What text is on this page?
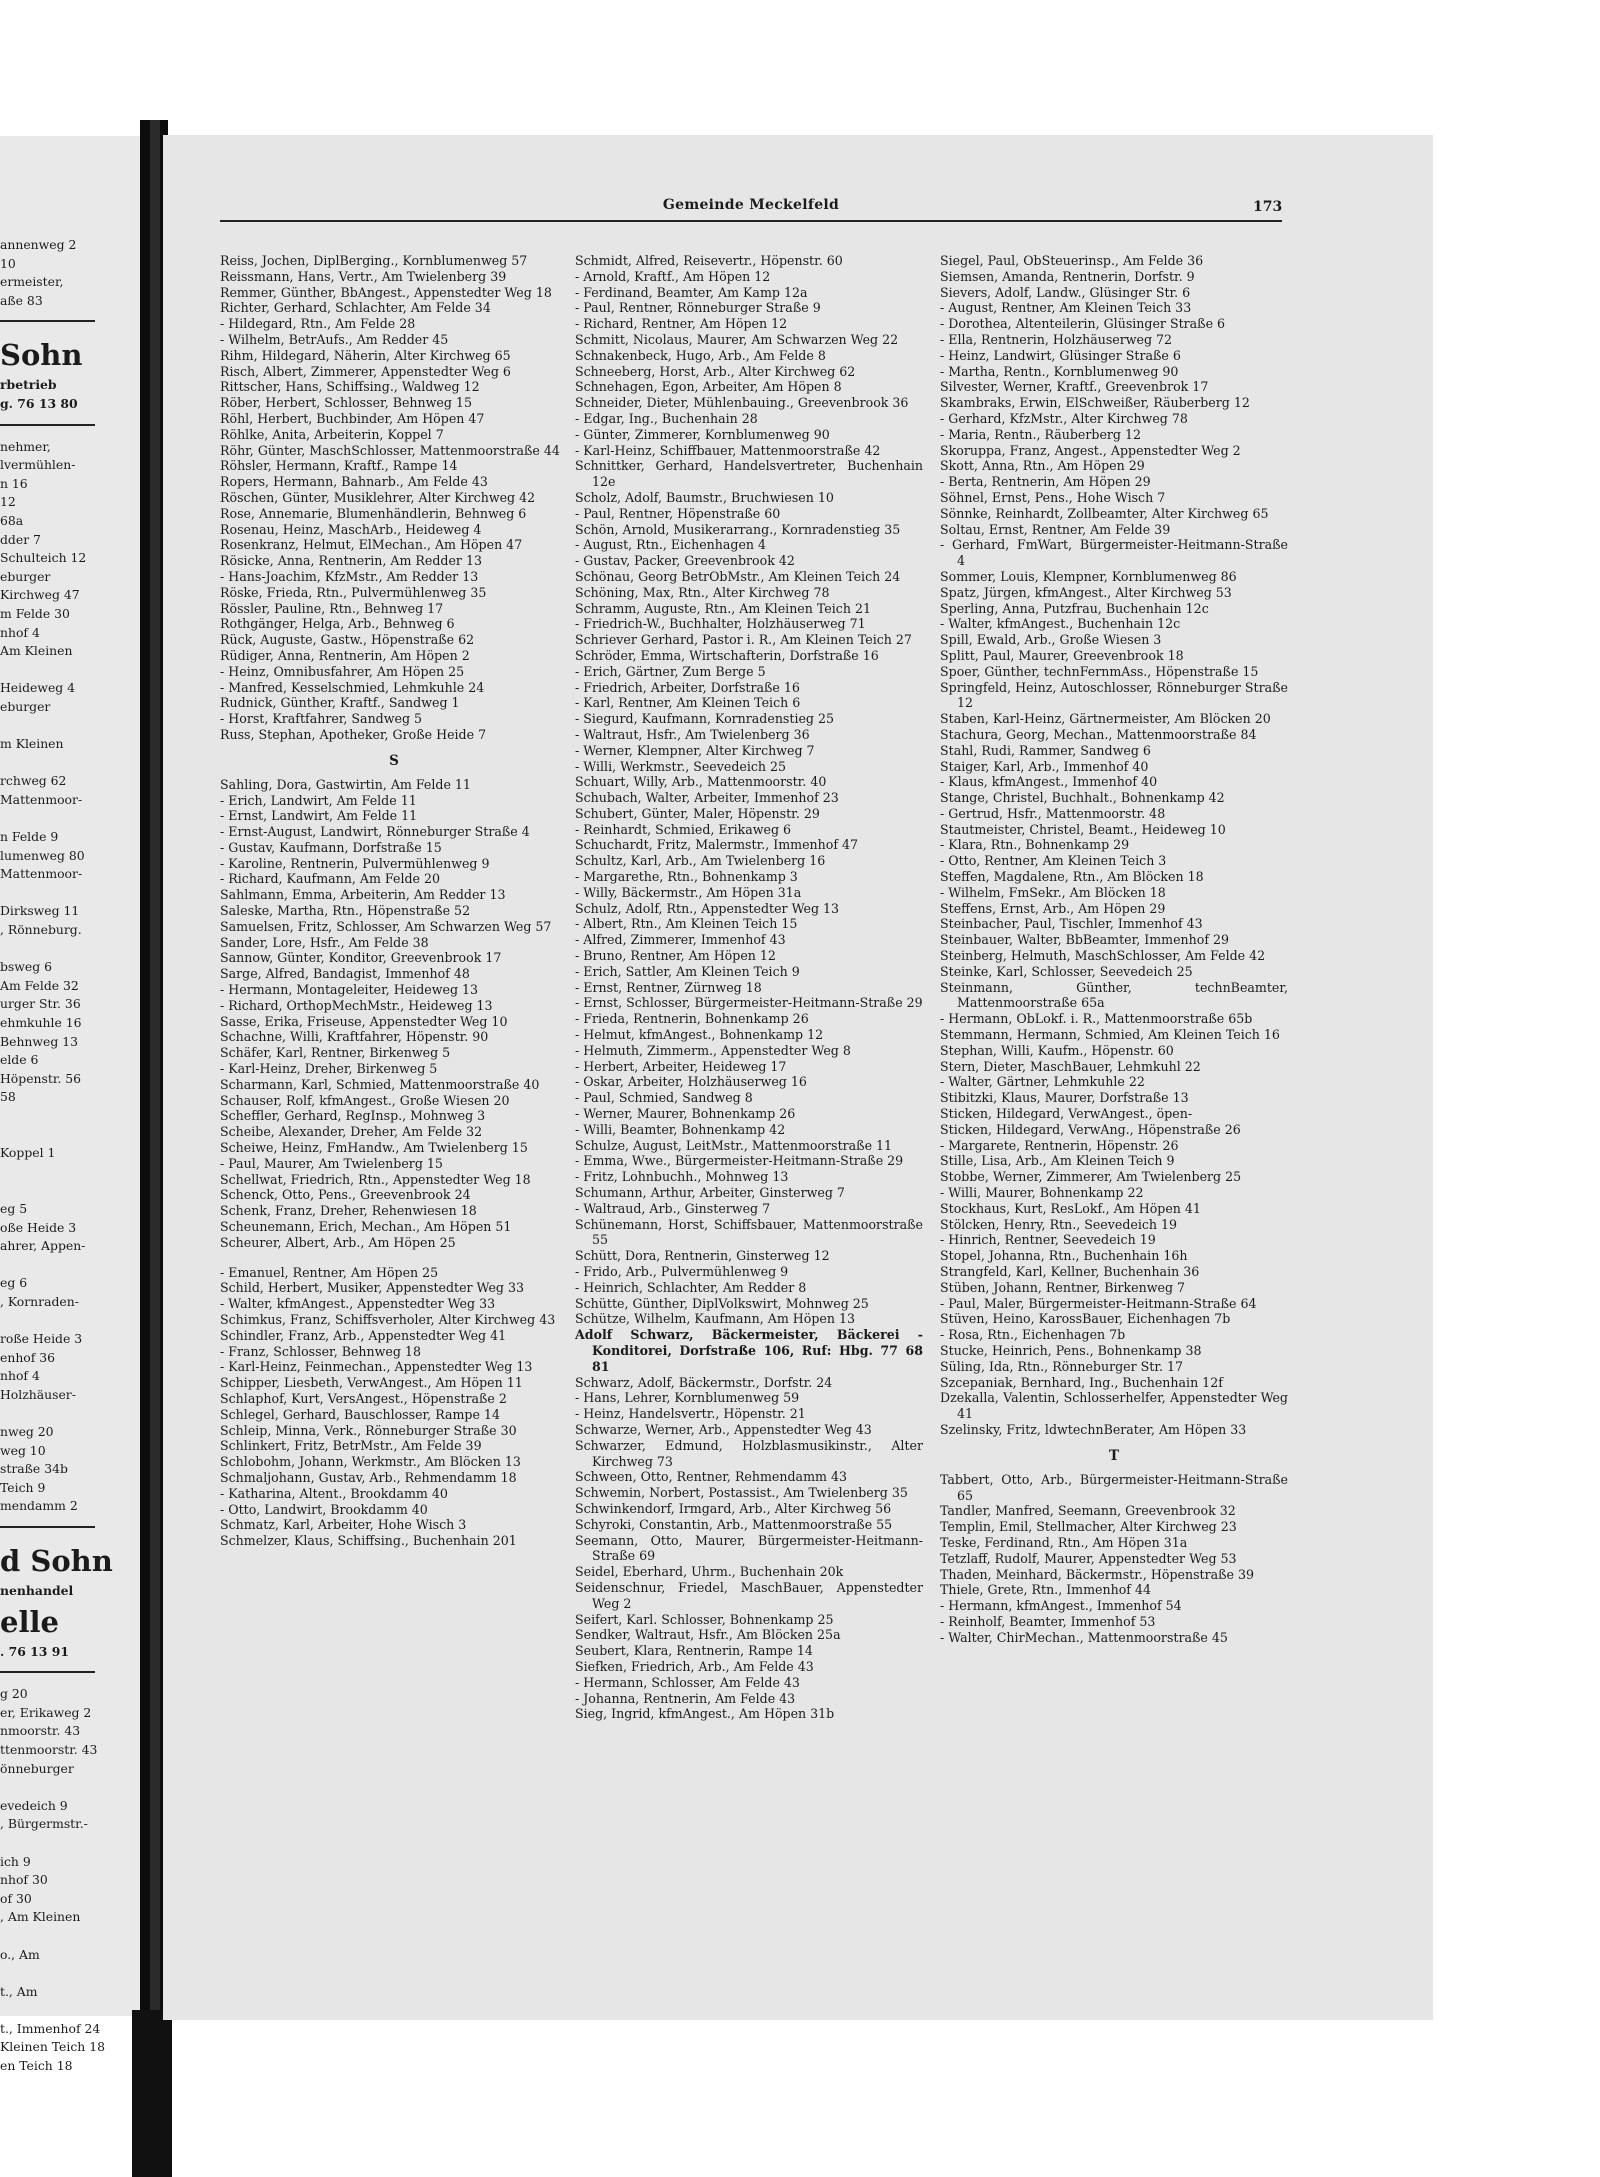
annenweg 2
10
ermeister,
aße 83
Sohn
rbetrieb
g. 76 13 80
nehmer,
lvermühlen-
n 16
12
68a
dder 7
Schulteich 12
eburger
Kirchweg 47
m Felde 30
nhof 4
Am Kleinen

Heideweg 4
eburger

m Kleinen

rchweg 62
Mattenmoor-

n Felde 9
lumenweg 80
Mattenmoor-

Dirksweg 11
, Rönneburg.

bsweg 6
Am Felde 32
urger Str. 36
ehmkuhle 16
Behnweg 13
elde 6
Höpenstr. 56
58

Koppel 1

eg 5
oße Heide 3
ahrer, Appen-

eg 6
, Kornraden-

roße Heide 3
enhof 36
nhof 4
Holzhäuser-

nweg 20
weg 10
straße 34b
Teich 9
mendamm 2
d Sohn
nenhandel
elle
. 76 13 91
g 20
er, Erikaweg 2
nmoorstr. 43
ttenmoorstr. 43
önneburger

evedeich 9
, Bürgermstr.-

ich 9
nhof 30
of 30
, Am Kleinen

o., Am

t., Am

t., Immenhof 24
Kleinen Teich 18
en Teich 18
Gemeinde Meckelfeld	173
Reiss, Jochen, DiplBerging., Kornblumenweg 57
Reissmann, Hans, Vertr., Am Twielenberg 39
Remmer, Günther, BbAngest., Appenstedter Weg 18
Richter, Gerhard, Schlachter, Am Felde 34
- Hildegard, Rtn., Am Felde 28
- Wilhelm, BetrAufs., Am Redder 45
Rihm, Hildegard, Näherin, Alter Kirchweg 65
Risch, Albert, Zimmerer, Appenstedter Weg 6
Rittscher, Hans, Schiffsing., Waldweg 12
Röber, Herbert, Schlosser, Behnweg 15
Röhl, Herbert, Buchbinder, Am Höpen 47
Röhlke, Anita, Arbeiterin, Koppel 7
Röhr, Günter, MaschSchlosser, Mattenmoorstraße 44
Röhsler, Hermann, Kraftf., Rampe 14
Ropers, Hermann, Bahnarb., Am Felde 43
Röschen, Günter, Musiklehrer, Alter Kirchweg 42
Rose, Annemarie, Blumenhändlerin, Behnweg 6
Rosenau, Heinz, MaschArb., Heideweg 4
Rosenkranz, Helmut, ElMechan., Am Höpen 47
Rösicke, Anna, Rentnerin, Am Redder 13
- Hans-Joachim, KfzMstr., Am Redder 13
Röske, Frieda, Rtn., Pulvermühlenweg 35
Rössler, Pauline, Rtn., Behnweg 17
Rothgänger, Helga, Arb., Behnweg 6
Rück, Auguste, Gastw., Höpenstraße 62
Rüdiger, Anna, Rentnerin, Am Höpen 2
- Heinz, Omnibusfahrer, Am Höpen 25
- Manfred, Kesselschmied, Lehmkuhle 24
Rudnick, Günther, Kraftf., Sandweg 1
- Horst, Kraftfahrer, Sandweg 5
Russ, Stephan, Apotheker, Große Heide 7
S
Sahling, Dora, Gastwirtin, Am Felde 11
- Erich, Landwirt, Am Felde 11
- Ernst, Landwirt, Am Felde 11
- Ernst-August, Landwirt, Rönneburger Straße 4
- Gustav, Kaufmann, Dorfstraße 15
- Karoline, Rentnerin, Pulvermühlenweg 9
- Richard, Kaufmann, Am Felde 20
Sahlmann, Emma, Arbeiterin, Am Redder 13
Saleske, Martha, Rtn., Höpenstraße 52
Samuelsen, Fritz, Schlosser, Am Schwarzen Weg 57
Sander, Lore, Hsfr., Am Felde 38
Sannow, Günter, Konditor, Greevenbrook 17
Sarge, Alfred, Bandagist, Immenhof 48
- Hermann, Montageleiter, Heideweg 13
- Richard, OrthopMechMstr., Heideweg 13
Sasse, Erika, Friseuse, Appenstedter Weg 10
Schachne, Willi, Kraftfahrer, Höpenstr. 90
Schäfer, Karl, Rentner, Birkenweg 5
- Karl-Heinz, Dreher, Birkenweg 5
Scharmann, Karl, Schmied, Mattenmoorstraße 40
Schauser, Rolf, kfmAngest., Große Wiesen 20
Scheffler, Gerhard, RegInsp., Mohnweg 3
Scheibe, Alexander, Dreher, Am Felde 32
Scheiwe, Heinz, FmHandw., Am Twielenberg 15
- Paul, Maurer, Am Twielenberg 15
Schellwat, Friedrich, Rtn., Appenstedter Weg 18
Schenck, Otto, Pens., Greevenbrook 24
Schenk, Franz, Dreher, Rehenwiesen 18
Scheunemann, Erich, Mechan., Am Höpen 51
Scheurer, Albert, Arb., Am Höpen 25
- Emanuel, Rentner, Am Höpen 25
Schild, Herbert, Musiker, Appenstedter Weg 33
- Walter, kfmAngest., Appenstedter Weg 33
Schimkus, Franz, Schiffsverholer, Alter Kirchweg 43
Schindler, Franz, Arb., Appenstedter Weg 41
- Franz, Schlosser, Behnweg 18
- Karl-Heinz, Feinmechan., Appenstedter Weg 13
Schipper, Liesbeth, VerwAngest., Am Höpen 11
Schlaphof, Kurt, VersAngest., Höpenstraße 2
Schlegel, Gerhard, Bauschlosser, Rampe 14
Schleip, Minna, Verk., Rönneburger Straße 30
Schlinkert, Fritz, BetrMstr., Am Felde 39
Schlobohm, Johann, Werkmstr., Am Blöcken 13
Schmaljohann, Gustav, Arb., Rehmendamm 18
- Katharina, Altent., Brookdamm 40
- Otto, Landwirt, Brookdamm 40
Schmatz, Karl, Arbeiter, Hohe Wisch 3
Schmelzer, Klaus, Schiffsing., Buchenhain 201
Schmidt, Alfred, Reisevertr., Höpenstr. 60
- Arnold, Kraftf., Am Höpen 12
- Ferdinand, Beamter, Am Kamp 12a
- Paul, Rentner, Rönneburger Straße 9
- Richard, Rentner, Am Höpen 12
Schmitt, Nicolaus, Maurer, Am Schwarzen Weg 22
Schnakenbeck, Hugo, Arb., Am Felde 8
Schneeberg, Horst, Arb., Alter Kirchweg 62
Schnehagen, Egon, Arbeiter, Am Höpen 8
Schneider, Dieter, Mühlenbauing., Greevenbrook 36
- Edgar, Ing., Buchenhain 28
- Günter, Zimmerer, Kornblumenweg 90
- Karl-Heinz, Schiffbauer, Mattenmoorstraße 42
Schnittker, Gerhard, Handelsvertreter, Buchenhain 12e
Scholz, Adolf, Baumstr., Bruchwiesen 10
- Paul, Rentner, Höpenstraße 60
Schön, Arnold, Musikerarrang., Kornradenstieg 35
- August, Rtn., Eichenhagen 4
- Gustav, Packer, Greevenbrook 42
Schönau, Georg BetrObMstr., Am Kleinen Teich 24
Schöning, Max, Rtn., Alter Kirchweg 78
Schramm, Auguste, Rtn., Am Kleinen Teich 21
- Friedrich-W., Buchhalter, Holzhäuserweg 71
Schriever Gerhard, Pastor i. R., Am Kleinen Teich 27
Schröder, Emma, Wirtschafterin, Dorfstraße 16
- Erich, Gärtner, Zum Berge 5
- Friedrich, Arbeiter, Dorfstraße 16
- Karl, Rentner, Am Kleinen Teich 6
- Siegurd, Kaufmann, Kornradenstieg 25
- Waltraut, Hsfr., Am Twielenberg 36
- Werner, Klempner, Alter Kirchweg 7
- Willi, Werkmstr., Seevedeich 25
Schuart, Willy, Arb., Mattenmoorstr. 40
Schubach, Walter, Arbeiter, Immenhof 23
Schubert, Günter, Maler, Höpenstr. 29
- Reinhardt, Schmied, Erikaweg 6
Schuchardt, Fritz, Malermstr., Immenhof 47
Schultz, Karl, Arb., Am Twielenberg 16
- Margarethe, Rtn., Bohnenkamp 3
- Willy, Bäckermstr., Am Höpen 31a
Schulz, Adolf, Rtn., Appenstedter Weg 13
- Albert, Rtn., Am Kleinen Teich 15
- Alfred, Zimmerer, Immenhof 43
- Bruno, Rentner, Am Höpen 12
- Erich, Sattler, Am Kleinen Teich 9
- Ernst, Rentner, Zürnweg 18
- Ernst, Schlosser, Bürgermeister-Heitmann-Straße 29
- Frieda, Rentnerin, Bohnenkamp 26
- Helmut, kfmAngest., Bohnenkamp 12
- Helmuth, Zimmerm., Appenstedter Weg 8
- Herbert, Arbeiter, Heideweg 17
- Oskar, Arbeiter, Holzhäuserweg 16
- Paul, Schmied, Sandweg 8
- Werner, Maurer, Bohnenkamp 26
- Willi, Beamter, Bohnenkamp 42
Schulze, August, LeitMstr., Mattenmoorstraße 11
- Emma, Wwe., Bürgermeister-Heitmann-Straße 29
- Fritz, Lohnbuchh., Mohnweg 13
Schumann, Arthur, Arbeiter, Ginsterweg 7
- Waltraud, Arb., Ginsterweg 7
Schünemann, Horst, Schiffsbauer, Mattenmoorstraße 55
Schütt, Dora, Rentnerin, Ginsterweg 12
- Frido, Arb., Pulvermühlenweg 9
- Heinrich, Schlachter, Am Redder 8
Schütte, Günther, DiplVolkswirt, Mohnweg 25
Schütze, Wilhelm, Kaufmann, Am Höpen 13
Adolf Schwarz, Bäckermeister, Bäckerei - Konditorei, Dorfstraße 106, Ruf: Hbg. 77 68 81
Schwarz, Adolf, Bäckermstr., Dorfstr. 24
- Hans, Lehrer, Kornblumenweg 59
- Heinz, Handelsvertr., Höpenstr. 21
Schwarze, Werner, Arb., Appenstedter Weg 43
Schwarzer, Edmund, Holzblasmusikinstr., Alter Kirchweg 73
Schween, Otto, Rentner, Rehmendamm 43
Schwemin, Norbert, Postassist., Am Twielenberg 35
Schwinkendorf, Irmgard, Arb., Alter Kirchweg 56
Schyroki, Constantin, Arb., Mattenmoorstraße 55
Seemann, Otto, Maurer, Bürgermeister-Heitmann-Straße 69
Seidel, Eberhard, Uhrm., Buchenhain 20k
Seidenschnur, Friedel, MaschBauer, Appenstedter Weg 2
Seifert, Karl. Schlosser, Bohnenkamp 25
Sendker, Waltraut, Hsfr., Am Blöcken 25a
Seubert, Klara, Rentnerin, Rampe 14
Siefken, Friedrich, Arb., Am Felde 43
- Hermann, Schlosser, Am Felde 43
- Johanna, Rentnerin, Am Felde 43
Sieg, Ingrid, kfmAngest., Am Höpen 31b
Siegel, Paul, ObSteuerinsp., Am Felde 36
Siemsen, Amanda, Rentnerin, Dorfstr. 9
Sievers, Adolf, Landw., Glüsinger Str. 6
- August, Rentner, Am Kleinen Teich 33
- Dorothea, Altenteilerin, Glüsinger Straße 6
- Ella, Rentnerin, Holzhäuserweg 72
- Heinz, Landwirt, Glüsinger Straße 6
- Martha, Rentn., Kornblumenweg 90
Silvester, Werner, Kraftf., Greevenbrok 17
Skambraks, Erwin, ElSchweißer, Räuberberg 12
- Gerhard, KfzMstr., Alter Kirchweg 78
- Maria, Rentn., Räuberberg 12
Skoruppa, Franz, Angest., Appenstedter Weg 2
Skott, Anna, Rtn., Am Höpen 29
- Berta, Rentnerin, Am Höpen 29
Söhnel, Ernst, Pens., Hohe Wisch 7
Sönnke, Reinhardt, Zollbeamter, Alter Kirchweg 65
Soltau, Ernst, Rentner, Am Felde 39
- Gerhard, FmWart, Bürgermeister-Heitmann-Straße 4
Sommer, Louis, Klempner, Kornblumenweg 86
Spatz, Jürgen, kfmAngest., Alter Kirchweg 53
Sperling, Anna, Putzfrau, Buchenhain 12c
- Walter, kfmAngest., Buchenhain 12c
Spill, Ewald, Arb., Große Wiesen 3
Splitt, Paul, Maurer, Greevenbrook 18
Spoer, Günther, technFernmAss., Höpenstraße 15
Springfeld, Heinz, Autoschlosser, Rönneburger Straße 12
Staben, Karl-Heinz, Gärtnermeister, Am Blöcken 20
Stachura, Georg, Mechan., Mattenmoorstraße 84
Stahl, Rudi, Rammer, Sandweg 6
Staiger, Karl, Arb., Immenhof 40
- Klaus, kfmAngest., Immenhof 40
Stange, Christel, Buchhalt., Bohnenkamp 42
- Gertrud, Hsfr., Mattenmoorstr. 48
Stautmeister, Christel, Beamt., Heideweg 10
- Klara, Rtn., Bohnenkamp 29
- Otto, Rentner, Am Kleinen Teich 3
Steffen, Magdalene, Rtn., Am Blöcken 18
- Wilhelm, FmSekr., Am Blöcken 18
Steffens, Ernst, Arb., Am Höpen 29
Steinbacher, Paul, Tischler, Immenhof 43
Steinbauer, Walter, BbBeamter, Immenhof 29
Steinberg, Helmuth, MaschSchlosser, Am Felde 42
Steinke, Karl, Schlosser, Seevedeich 25
Steinmann, Günther, technBeamter, Mattenmoorstraße 65a
- Hermann, ObLokf. i. R., Mattenmoorstraße 65b
Stemmann, Hermann, Schmied, Am Kleinen Teich 16
Stephan, Willi, Kaufm., Höpenstr. 60
Stern, Dieter, MaschBauer, Lehmkuhl 22
- Walter, Gärtner, Lehmkuhle 22
Stibitzki, Klaus, Maurer, Dorfstraße 13
Sticken, Hildegard, VerwAngest., öpen-
Sticken, Hildegard, VerwAng., Höpenstraße 26
- Margarete, Rentnerin, Höpenstr. 26
Stille, Lisa, Arb., Am Kleinen Teich 9
Stobbe, Werner, Zimmerer, Am Twielenberg 25
- Willi, Maurer, Bohnenkamp 22
Stockhaus, Kurt, ResLokf., Am Höpen 41
Stölcken, Henry, Rtn., Seevedeich 19
- Hinrich, Rentner, Seevedeich 19
Stopel, Johanna, Rtn., Buchenhain 16h
Strangfeld, Karl, Kellner, Buchenhain 36
Stüben, Johann, Rentner, Birkenweg 7
- Paul, Maler, Bürgermeister-Heitmann-Straße 64
Stüven, Heino, KarossBauer, Eichenhagen 7b
- Rosa, Rtn., Eichenhagen 7b
Stucke, Heinrich, Pens., Bohnenkamp 38
Süling, Ida, Rtn., Rönneburger Str. 17
Szcepaniak, Bernhard, Ing., Buchenhain 12f
Dzekalla, Valentin, Schlosserhelfer, Appenstedter Weg 41
Szelinsky, Fritz, ldwtechnBerater, Am Höpen 33
T
Tabbert, Otto, Arb., Bürgermeister-Heitmann-Straße 65
Tandler, Manfred, Seemann, Greevenbrook 32
Templin, Emil, Stellmacher, Alter Kirchweg 23
Teske, Ferdinand, Rtn., Am Höpen 31a
Tetzlaff, Rudolf, Maurer, Appenstedter Weg 53
Thaden, Meinhard, Bäckermstr., Höpenstraße 39
Thiele, Grete, Rtn., Immenhof 44
- Hermann, kfmAngest., Immenhof 54
- Reinholf, Beamter, Immenhof 53
- Walter, ChirMechan., Mattenmoorstraße 45
